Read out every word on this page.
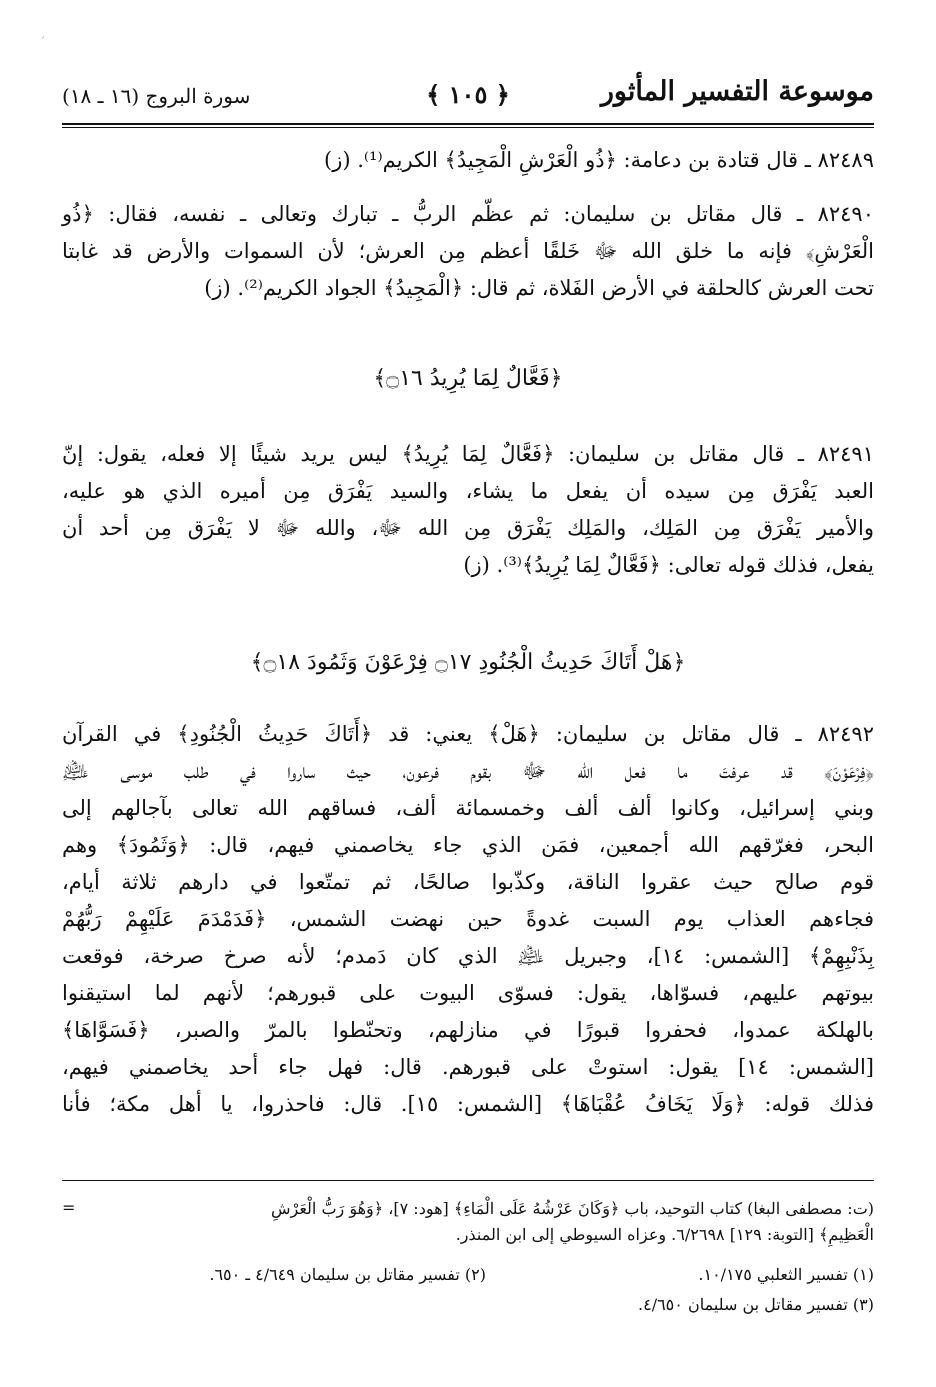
ˊ
موسوعة التفسير المأثور
﴿ ١٠٥ ﴾
سورة البروج (١٦ ـ ١٨)
٨٢٤٨٩ ـ قال قتادة بن دعامة: ﴿ذُو الْعَرْشِ الْمَجِيدُ﴾ الكريم⁽¹⁾. (ز)
٨٢٤٩٠ ـ قال مقاتل بن سليمان: ثم عظّم الربُّ ـ تبارك وتعالى ـ نفسه، فقال: ﴿ذُو
الْعَرْشِ﴾ فإنه ما خلق الله ﷻ خَلقًا أعظم مِن العرش؛ لأن السموات والأرض قد غابتا
تحت العرش كالحلقة في الأرض الفَلاة، ثم قال: ﴿الْمَجِيدُ﴾ الجواد الكريم⁽²⁾. (ز)
﴿فَعَّالٌ لِمَا يُرِيدُ ۝١٦﴾
٨٢٤٩١ ـ قال مقاتل بن سليمان: ﴿فَعَّالٌ لِمَا يُرِيدُ﴾ ليس يريد شيئًا إلا فعله، يقول: إنّ
العبد يَفْرَق مِن سيده أن يفعل ما يشاء، والسيد يَفْرَق مِن أميره الذي هو عليه،
والأمير يَفْرَق مِن المَلِك، والمَلِك يَفْرَق مِن الله ﷻ، والله ﷻ لا يَفْرَق مِن أحد أن
يفعل، فذلك قوله تعالى: ﴿فَعَّالٌ لِمَا يُرِيدُ﴾⁽³⁾. (ز)
﴿هَلْ أَتَاكَ حَدِيثُ الْجُنُودِ ۝١٧ فِرْعَوْنَ وَثَمُودَ ۝١٨﴾
٨٢٤٩٢ ـ قال مقاتل بن سليمان: ﴿هَلْ﴾ يعني: قد ﴿أَتَاكَ حَدِيثُ الْجُنُودِ﴾ في القرآن
﴿فِرْعَوْنَ﴾ قد عرفتَ ما فعل الله ﷻ بقوم فرعون، حيث ساروا في طلب موسى ﵇
وبني إسرائيل، وكانوا ألف ألف وخمسمائة ألف، فساقهم الله تعالى بآجالهم إلى
البحر، فغرّقهم الله أجمعين، فمَن الذي جاء يخاصمني فيهم، قال: ﴿وَثَمُودَ﴾ وهم
قوم صالح حيث عقروا الناقة، وكذّبوا صالحًا، ثم تمتّعوا في دارهم ثلاثة أيام،
فجاءهم العذاب يوم السبت غدوةً حين نهضت الشمس، ﴿فَدَمْدَمَ عَلَيْهِمْ رَبُّهُمْ
بِذَنْبِهِمْ﴾ [الشمس: ١٤]، وجبريل ﵇ الذي كان دَمدم؛ لأنه صرخ صرخة، فوقعت
بيوتهم عليهم، فسوّاها، يقول: فسوّى البيوت على قبورهم؛ لأنهم لما استيقنوا
بالهلكة عمدوا، فحفروا قبورًا في منازلهم، وتحنّطوا بالمرّ والصبر، ﴿فَسَوَّاهَا﴾
[الشمس: ١٤] يقول: استوتْ على قبورهم. قال: فهل جاء أحد يخاصمني فيهم،
فذلك قوله: ﴿وَلَا يَخَافُ عُقْبَاهَا﴾ [الشمس: ١٥]. قال: فاحذروا، يا أهل مكة؛ فأنا
=	(ت: مصطفى البغا) كتاب التوحيد، باب ﴿وَكَانَ عَرْشُهُ عَلَى الْمَاءِ﴾ [هود: ٧]، ﴿وَهُوَ رَبُّ الْعَرْشِ
الْعَظِيمِ﴾ [التوبة: ١٢٩] ٦/٢٦٩٨. وعزاه السيوطي إلى ابن المنذر.
(١) تفسير الثعلبي ١٠/١٧٥.
(٢) تفسير مقاتل بن سليمان ٤/٦٤٩ ـ ٦٥٠.
(٣) تفسير مقاتل بن سليمان ٤/٦٥٠.
